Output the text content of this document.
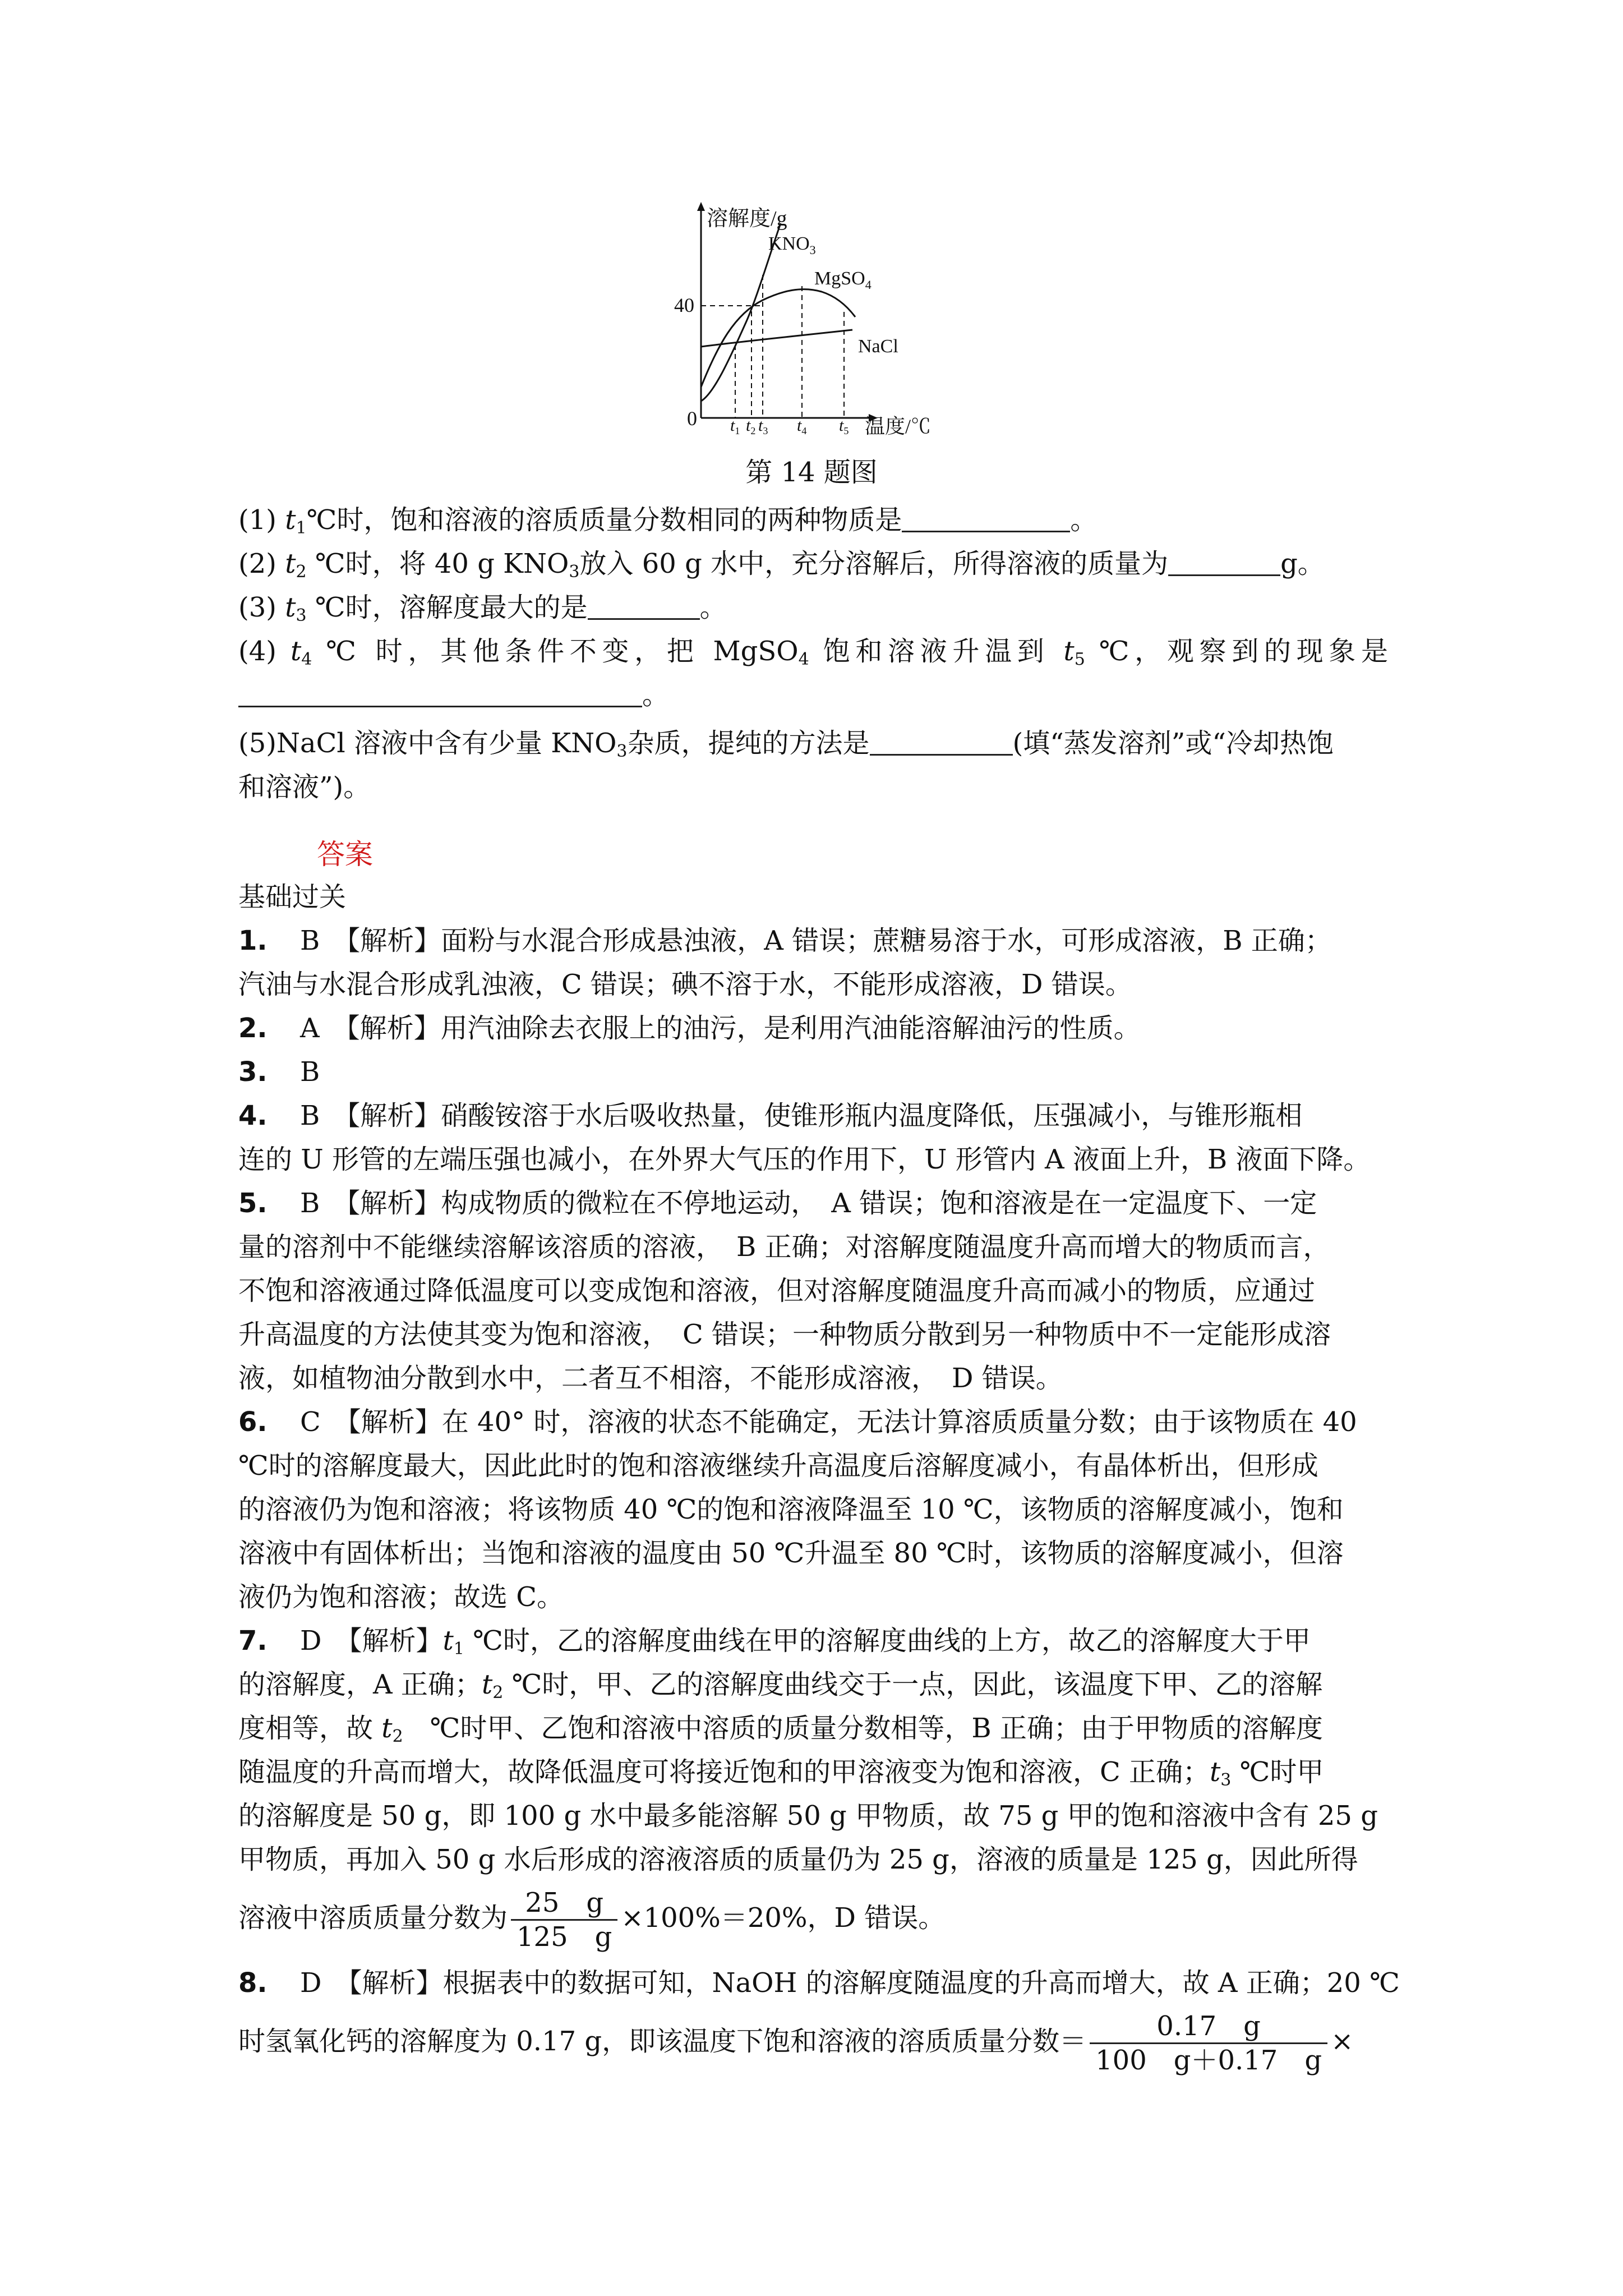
溶解度/g
$KNO_3$
MgSO$_4$
NaCl
40
0 $t_1$ $t_2$ $t_3$ $t_4$ $t_5$ 温度/℃
第 14 题图
(1) $t_1℃$时，饱和溶液的溶质质量分数相同的两种物质是	。
(2) $t_2$ ℃时，将 40 g $KNO_3$放入 60 g 水中，充分溶解后，所得溶液的质量为	g。
(3) $t_3$ ℃时，溶解度最大的是	。
(4) $t_4$ ℃ 时，其他条件不变，把 MgSO$_4$ 饱和溶液升温到 $t_5$ ℃，观察到的现象是
。
(5)NaCl 溶液中含有少量 $KNO_3$杂质，提纯的方法是	(填“蒸发溶剂”或“冷却热饱
和溶液”)。
答案
基础过关
1. B　【解析】面粉与水混合形成悬浊液，A 错误；蔗糖易溶于水，可形成溶液，B 正确；
汽油与水混合形成乳浊液，C 错误；碘不溶于水，不能形成溶液，D 错误。
2. A　【解析】用汽油除去衣服上的油污，是利用汽油能溶解油污的性质。
3. B
4. B　【解析】硝酸铵溶于水后吸收热量，使锥形瓶内温度降低，压强减小，与锥形瓶相
连的 U 形管的左端压强也减小，在外界大气压的作用下，U 形管内 A 液面上升，B 液面下降。
5. B　【解析】构成物质的微粒在不停地运动，　A 错误；饱和溶液是在一定温度下、一定
量的溶剂中不能继续溶解该溶质的溶液，　B 正确；对溶解度随温度升高而增大的物质而言，
不饱和溶液通过降低温度可以变成饱和溶液，但对溶解度随温度升高而减小的物质，应通过
升高温度的方法使其变为饱和溶液，　C 错误；一种物质分散到另一种物质中不一定能形成溶
液，如植物油分散到水中，二者互不相溶，不能形成溶液，　D 错误。
6. C　【解析】在 40° 时，溶液的状态不能确定，无法计算溶质质量分数；由于该物质在 40
℃时的溶解度最大，因此此时的饱和溶液继续升高温度后溶解度减小，有晶体析出，但形成
的溶液仍为饱和溶液；将该物质 40 ℃的饱和溶液降温至 10 ℃，该物质的溶解度减小，饱和
溶液中有固体析出；当饱和溶液的温度由 50 ℃升温至 80 ℃时，该物质的溶解度减小，但溶
液仍为饱和溶液；故选 C。
7. D　【解析】$t_1$ ℃时，乙的溶解度曲线在甲的溶解度曲线的上方，故乙的溶解度大于甲
的溶解度，A 正确；$t_2$ ℃时，甲、乙的溶解度曲线交于一点，因此，该温度下甲、乙的溶解
度相等，故 $t_2$　℃时甲、乙饱和溶液中溶质的质量分数相等，B 正确；由于甲物质的溶解度
随温度的升高而增大，故降低温度可将接近饱和的甲溶液变为饱和溶液，C 正确；$t_3$ ℃时甲
的溶解度是 50 g，即 100 g 水中最多能溶解 50 g 甲物质，故 75 g 甲的饱和溶液中含有 25 g
甲物质，再加入 50 g 水后形成的溶液溶质的质量仍为 25 g，溶液的质量是 125 g，因此所得
溶液中溶质质量分数为 $\frac{25 g}{125 g} \times 100\%=20\%$，D 错误。
8. D　【解析】根据表中的数据可知，NaOH 的溶解度随温度的升高而增大，故 A 正确；20 ℃
时氢氧化钙的溶解度为 0.17 g，即该温度下饱和溶液的溶质质量分数＝ $\frac{0.17 g}{100 g+0.17 g}$ ×
